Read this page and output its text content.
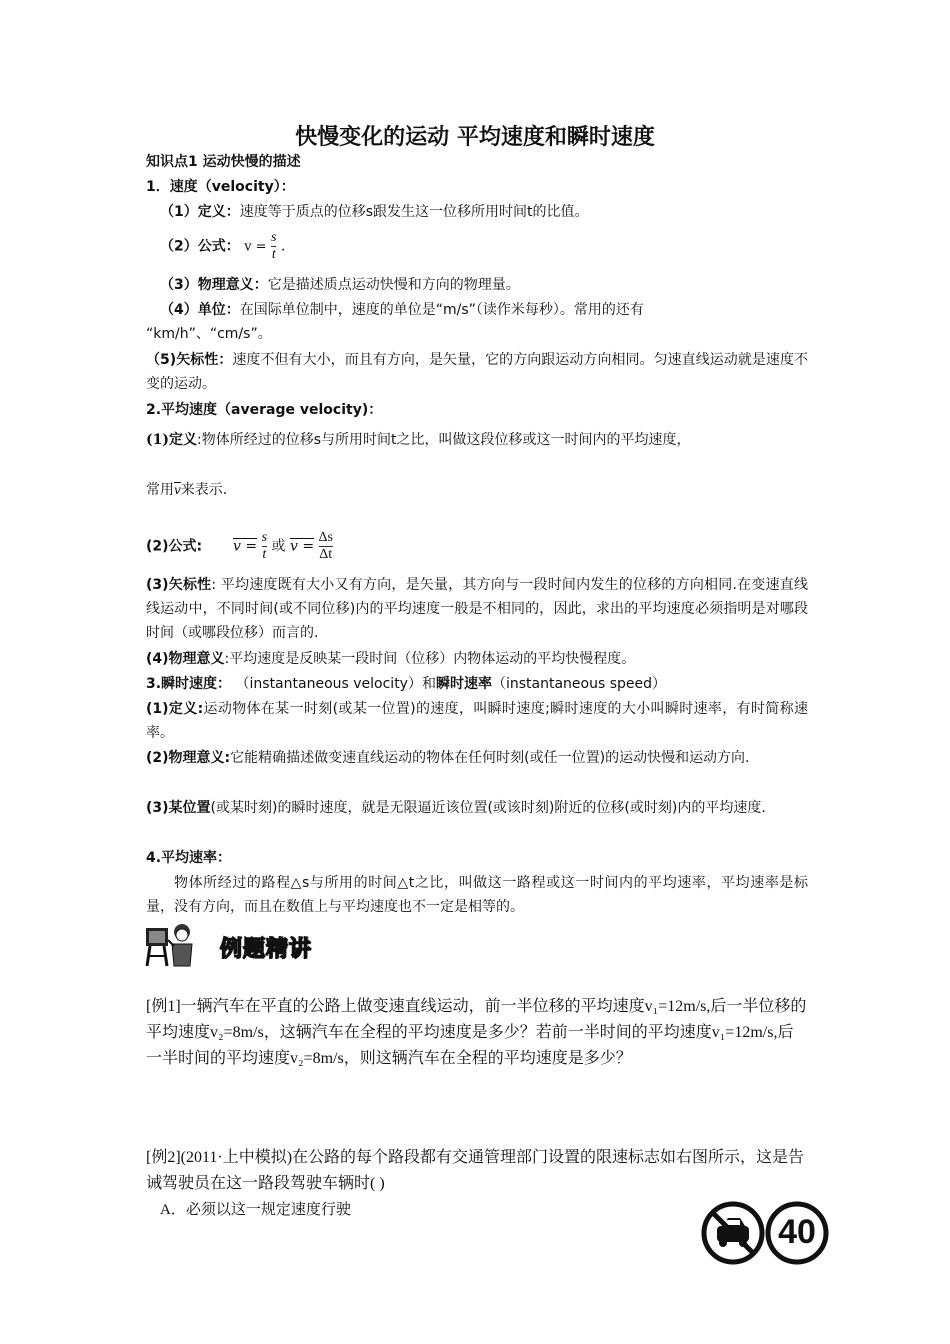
快慢变化的运动 平均速度和瞬时速度
知识点1 运动快慢的描述
1．速度（velocity）：
（1）定义：速度等于质点的位移s跟发生这一位移所用时间t的比值。
（2）公式： $v = \frac{s}{t}$ ．
（3）物理意义：它是描述质点运动快慢和方向的物理量。
（4）单位：在国际单位制中，速度的单位是“m/s”（读作米每秒）。常用的还有
“km/h”、“cm/s”。
（5)矢标性：速度不但有大小，而且有方向，是矢量，它的方向跟运动方向相同。匀速直线运动就是速度不变的运动。
2.平均速度（average velocity)：
(1)定义:物体所经过的位移s与所用时间t之比，叫做这段位移或这一时间内的平均速度，
常用$\overline{v}$来表示.
(2)公式: $v = \frac{s}{t}$ 或 $v = \frac{\Delta s}{\Delta t}$
(3)矢标性: 平均速度既有大小又有方向，是矢量，其方向与一段时间内发生的位移的方向相同.在变速直线线运动中，不同时间(或不同位移)内的平均速度一般是不相同的，因此，求出的平均速度必须指明是对哪段时间（或哪段位移）而言的.
(4)物理意义:平均速度是反映某一段时间（位移）内物体运动的平均快慢程度。
3.瞬时速度： （instantaneous velocity）和瞬时速率（instantaneous speed）
(1)定义:运动物体在某一时刻(或某一位置)的速度，叫瞬时速度;瞬时速度的大小叫瞬时速率，有时简称速率。
(2)物理意义:它能精确描述做变速直线运动的物体在任何时刻(或任一位置)的运动快慢和运动方向.
(3)某位置(或某时刻)的瞬时速度，就是无限逼近该位置(或该时刻)附近的位移(或时刻)内的平均速度.
4.平均速率：
物体所经过的路程△s与所用的时间△t之比，叫做这一路程或这一时间内的平均速率，平均速率是标量，没有方向，而且在数值上与平均速度也不一定是相等的。
例题精讲
[例1]一辆汽车在平直的公路上做变速直线运动，前一半位移的平均速度v₁=12m/s,后一半位移的平均速度v₂=8m/s，这辆汽车在全程的平均速度是多少？若前一半时间的平均速度v₁=12m/s,后一半时间的平均速度v₂=8m/s，则这辆汽车在全程的平均速度是多少？
[例2](2011·上中模拟)在公路的每个路段都有交通管理部门设置的限速标志如右图所示，这是告诫驾驶员在这一路段驾驶车辆时( )
A．必须以这一规定速度行驶
40
